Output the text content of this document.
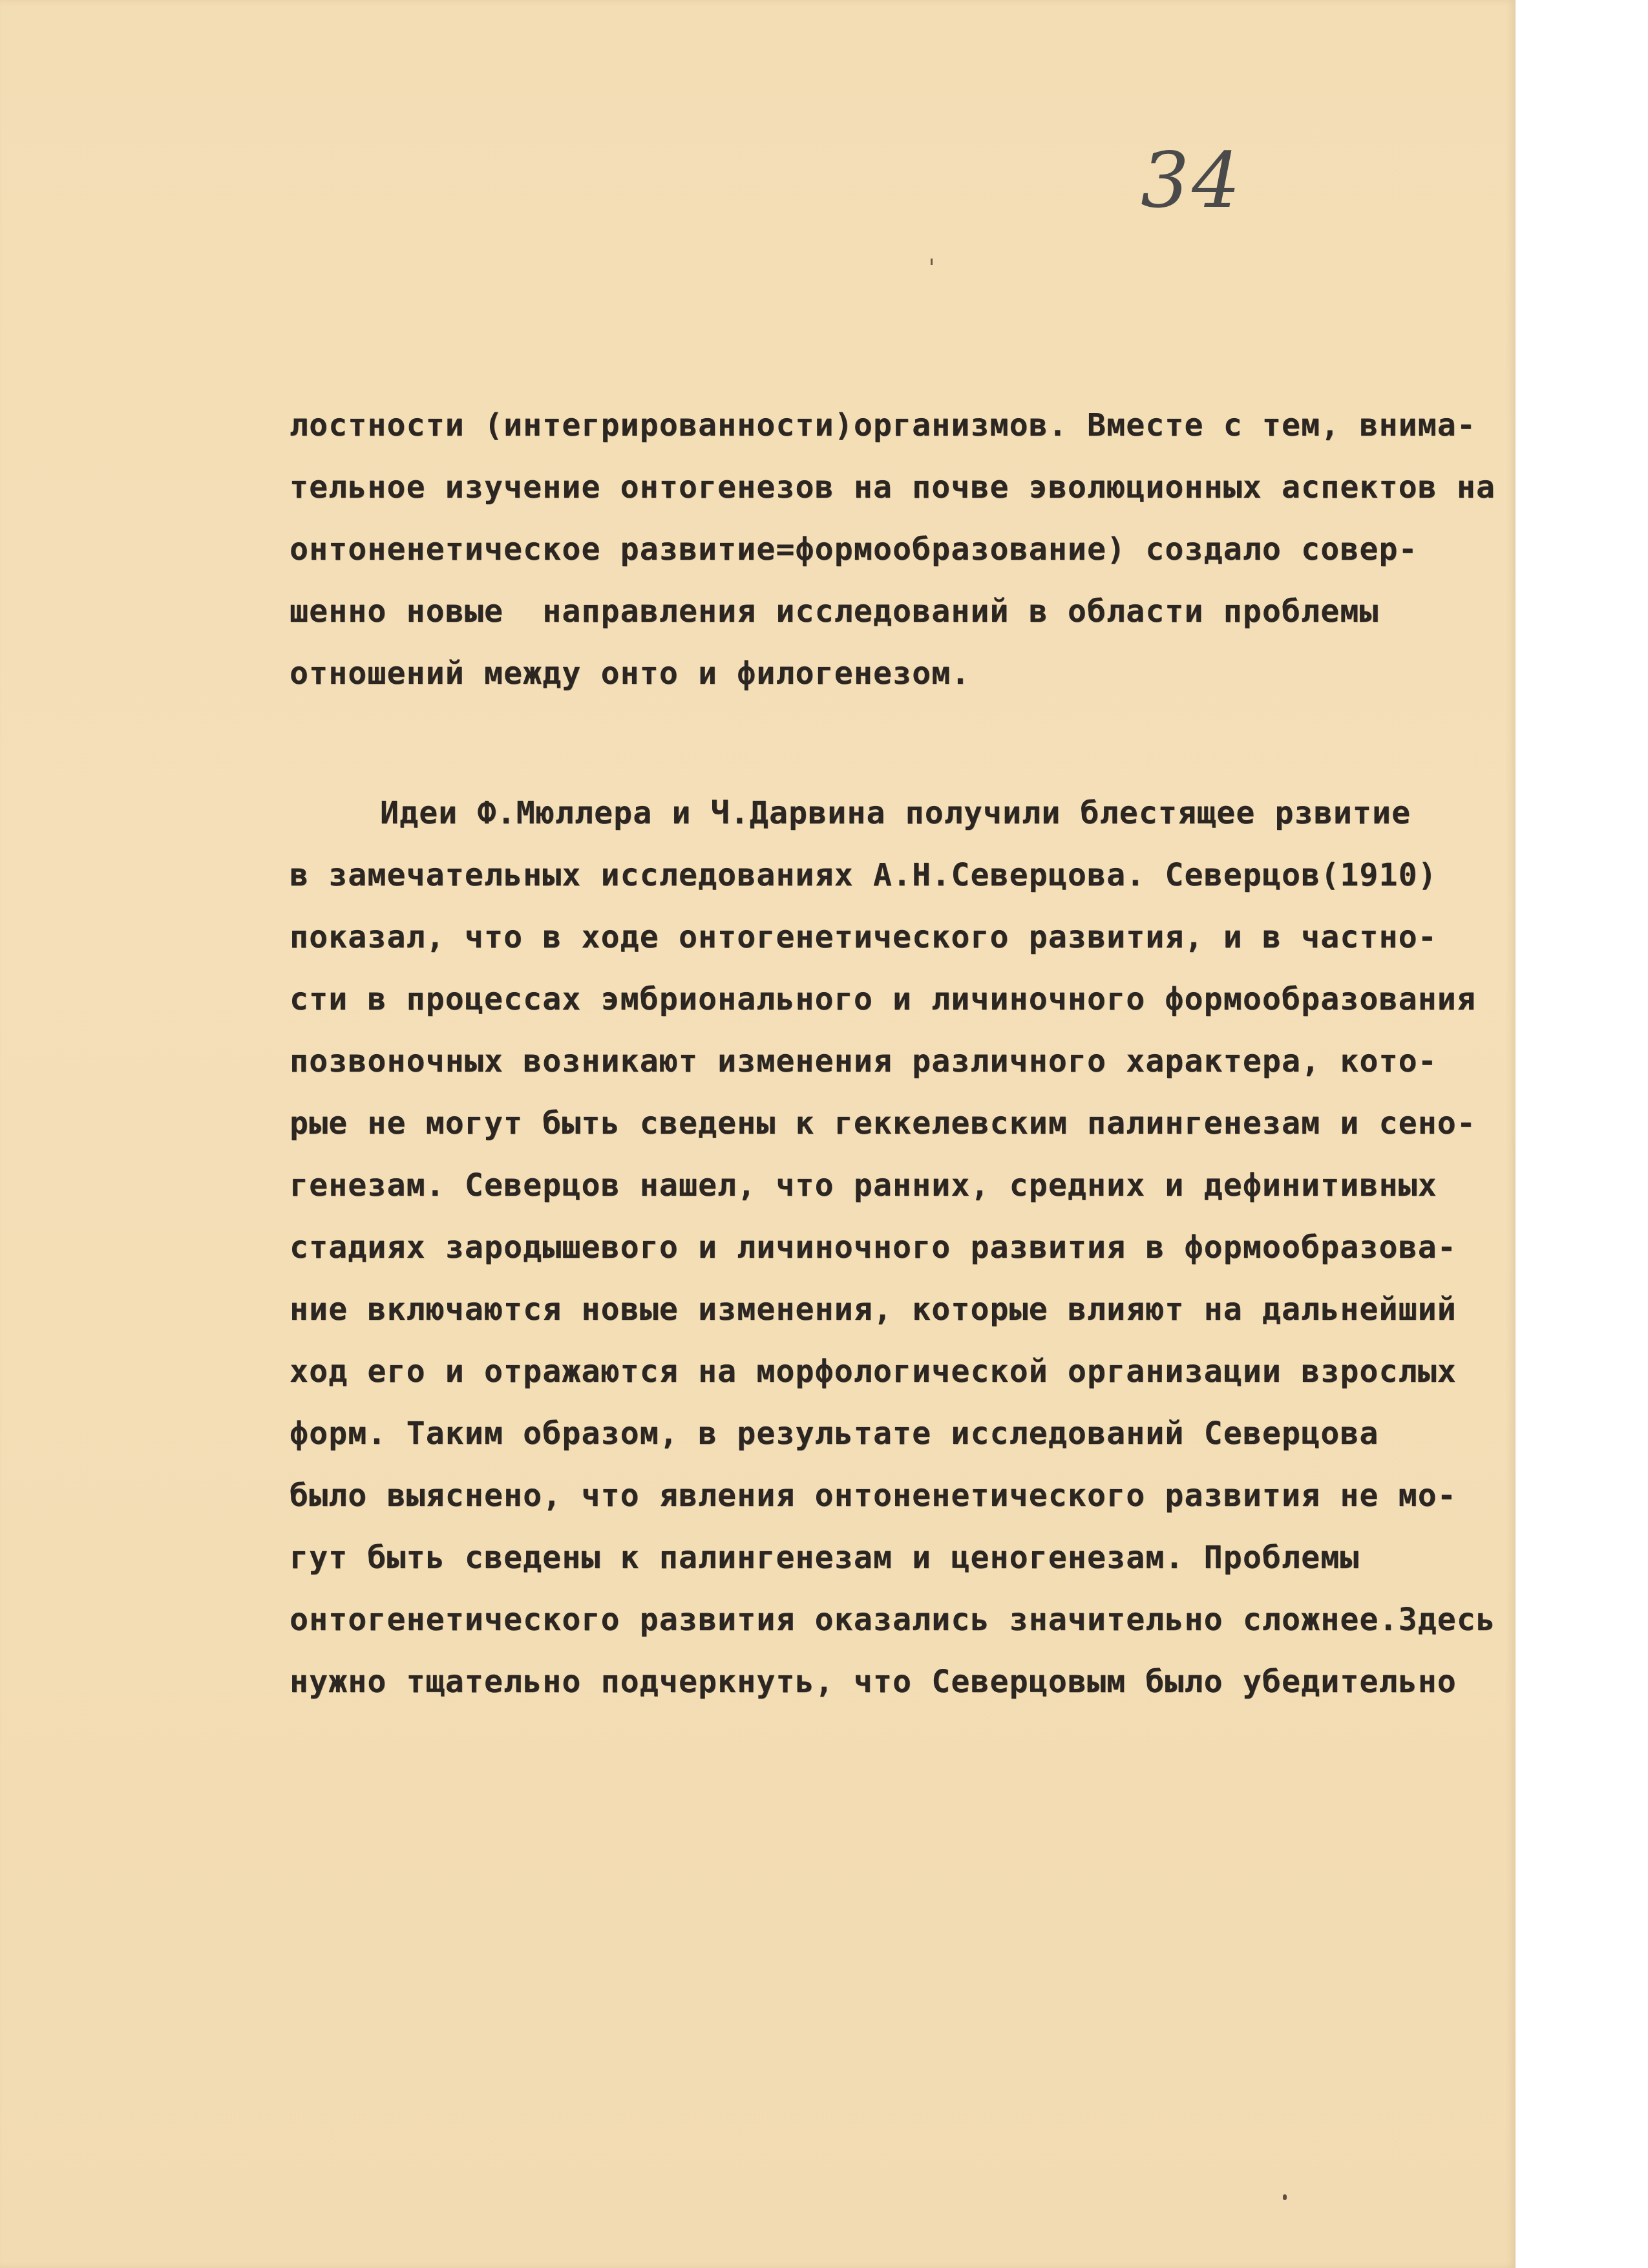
34
лостности (интегрированности)организмов. Вместе с тем, внима-
тельное изучение онтогенезов на почве эволюционных аспектов на
онтоненетическое развитие=формообразование) создало совер-
шенно новые  направления исследований в области проблемы
отношений между онто и филогенезом.
Идеи Ф.Мюллера и Ч.Дарвина получили блестящее рзвитие
в замечательных исследованиях А.Н.Северцова. Северцов(1910)
показал, что в ходе онтогенетического развития, и в частно-
сти в процессах эмбрионального и личиночного формообразования
позвоночных возникают изменения различного характера, кото-
рые не могут быть сведены к геккелевским палингенезам и ceно-
генезам. Северцов нашел, что ранних, средних и дефинитивных
стадиях зародышевого и личиночного развития в формообразова-
ние включаются новые изменения, которые влияют на дальнейший
ход его и отражаются на морфологической организации взрослых
форм. Таким образом, в результате исследований Северцова
было выяснено, что явления онтоненетического развития не мо-
гут быть сведены к палингенезам и ценогенезам. Проблемы
онтогенетического развития оказались значительно сложнее.Здесь
нужно тщательно подчеркнуть, что Северцовым было убедительно
